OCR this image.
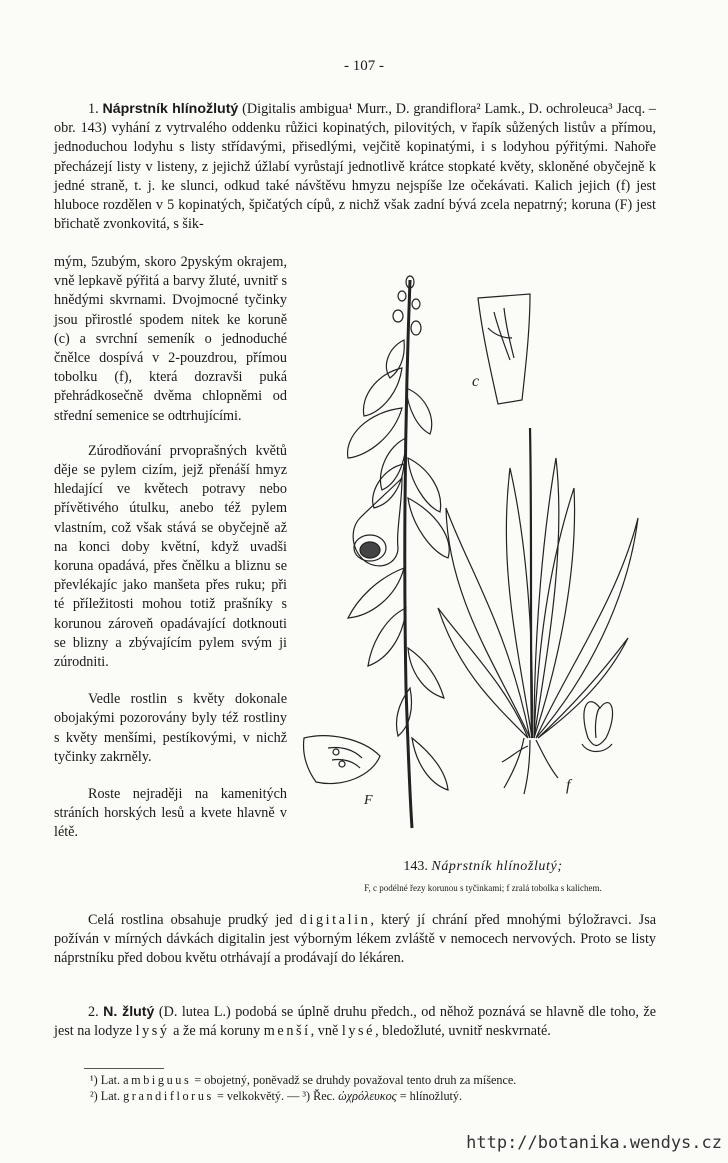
- 107 -

1. Náprstník hlínožlutý (Digitalis ambigua¹ Murr., D. grandiflora² Lamk., D. ochroleuca³ Jacq. – obr. 143) vyhání z vytrvalého oddenku růžici kopinatých, pilovitých, v řapík sůžených listův a přímou, jednoduchou lodyhu s listy střídavými, přisedlými, vejčitě kopinatými, i s lodyhou pýřitými. Nahoře přecházejí listy v listeny, z jejichž úžlabí vyrůstají jednotlivě krátce stopkaté květy, skloněné obyčejně k jedné straně, t. j. ke slunci, odkud také návštěvu hmyzu nejspíše lze očekávati. Kalich jejich (f) jest hluboce rozdělen v 5 kopinatých, špičatých cípů, z nichž však zadní bývá zcela nepatrný; koruna (F) jest břichatě zvonkovitá, s šik-

mým, 5zubým, skoro 2pyským okrajem, vně lepkavě pýřitá a barvy žluté, uvnitř s hnědými skvrnami. Dvojmocné tyčinky jsou přirostlé spodem nitek ke koruně (c) a svrchní semeník o jednoduché čnělce dospívá v 2-pouzdrou, přímou tobolku (f), která dozravši puká přehrádkosečně dvěma chlopněmi od střední semenice se odtrhujícími.

Zúrodňování prvoprašných květů děje se pylem cizím, jejž přenáší hmyz hledající ve květech potravy nebo přívětivého útulku, anebo též pylem vlastním, což však stává se obyčejně až na konci doby květní, když uvadši koruna opadává, přes čnělku a bliznu se převlékajíc jako manšeta přes ruku; při té příležitosti mohou totiž prašníky s korunou zároveň opadávající dotknouti se blizny a zbývajícím pylem svým ji zúrodniti.

Vedle rostlin s květy dokonale obojakými pozorovány byly též rostliny s květy menšími, pestíkovými, v nichž tyčinky zakrněly.

Roste nejraději na kamenitých stráních horských lesů a kvete hlavně v létě.

c
F
f
143. Náprstník hlínožlutý;
F, c podélné řezy korunou s tyčinkami; f zralá tobolka s kalichem.

Celá rostlina obsahuje prudký jed digitalin, který jí chrání před mnohými býložravci. Jsa požíván v mírných dávkách digitalin jest výborným lékem zvláště v nemocech nervových. Proto se listy náprstníku před dobou květu otrhávají a prodávají do lékáren.

2. N. žlutý (D. lutea L.) podobá se úplně druhu předch., od něhož poznává se hlavně dle toho, že jest na lodyze lysý a že má koruny menší, vně lysé, bledožluté, uvnitř neskvrnaté.

¹) Lat. ambiguus = obojetný, poněvadž se druhdy považoval tento druh za míšence.
²) Lat. grandiflorus = velkokvětý. — ³) Řec. ὠχρόλευκος = hlínožlutý.
http://botanika.wendys.cz
